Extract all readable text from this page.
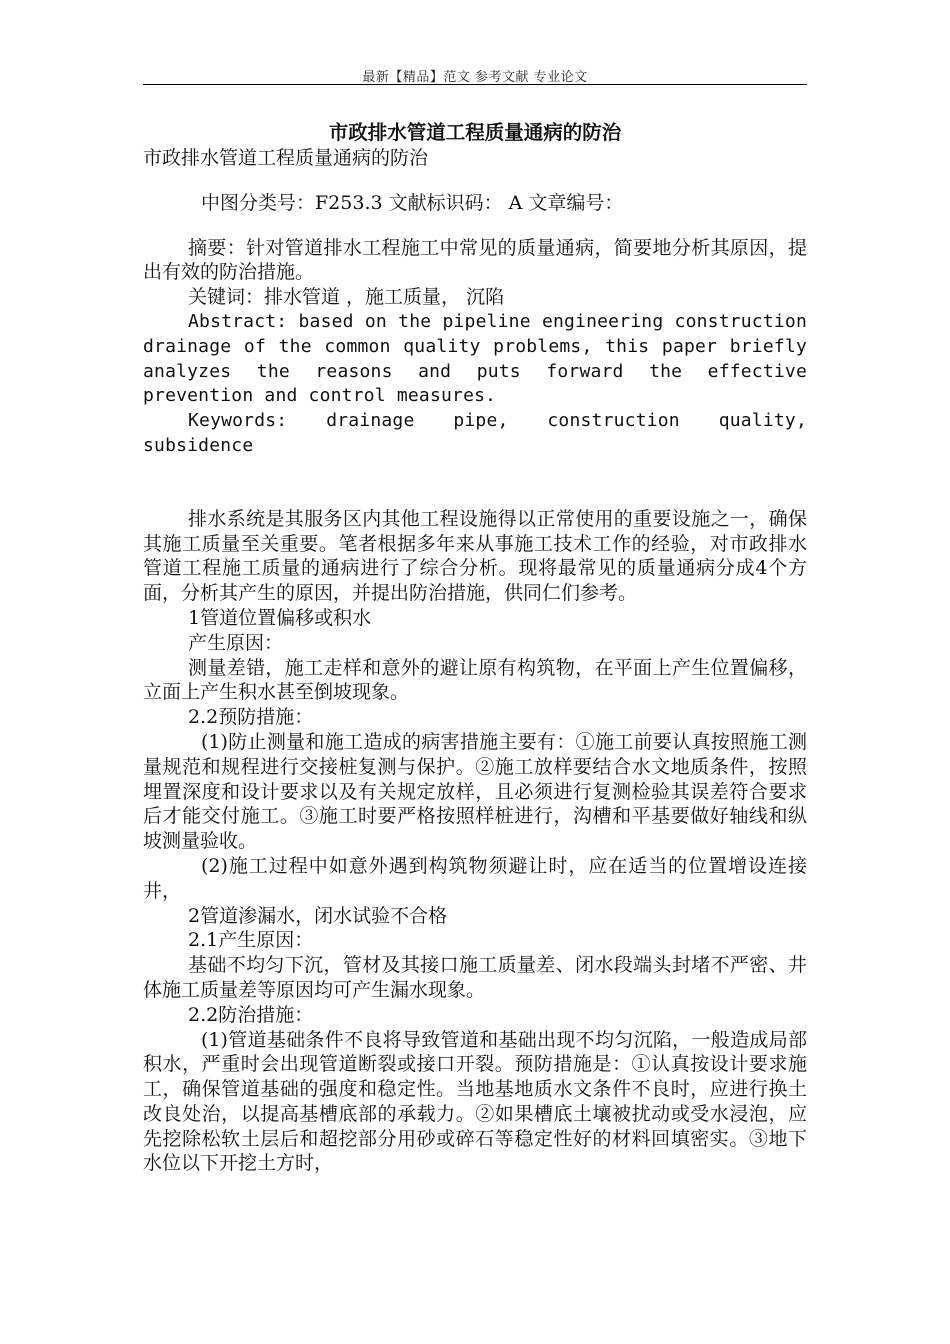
最新【精品】范文 参考文献 专业论文
市政排水管道工程质量通病的防治

市政排水管道工程质量通病的防治

中图分类号：F253.3 文献标识码： A 文章编号：

摘要：针对管道排水工程施工中常见的质量通病，简要地分析其原因，提出有效的防治措施。

关键词：排水管道 ，施工质量， 沉陷

Abstract: based on the pipeline engineering construction drainage of the common quality problems, this paper briefly analyzes the reasons and puts forward the effective prevention and control measures.

Keywords: drainage pipe, construction quality, subsidence

排水系统是其服务区内其他工程设施得以正常使用的重要设施之一，确保其施工质量至关重要。笔者根据多年来从事施工技术工作的经验，对市政排水管道工程施工质量的通病进行了综合分析。现将最常见的质量通病分成4个方面，分析其产生的原因，并提出防治措施，供同仁们参考。

1管道位置偏移或积水

产生原因：

测量差错，施工走样和意外的避让原有构筑物，在平面上产生位置偏移，立面上产生积水甚至倒坡现象。

2.2预防措施：

(1)防止测量和施工造成的病害措施主要有：①施工前要认真按照施工测量规范和规程进行交接桩复测与保护。②施工放样要结合水文地质条件，按照埋置深度和设计要求以及有关规定放样，且必须进行复测检验其误差符合要求后才能交付施工。③施工时要严格按照样桩进行，沟槽和平基要做好轴线和纵坡测量验收。

(2)施工过程中如意外遇到构筑物须避让时，应在适当的位置增设连接井，

2管道渗漏水，闭水试验不合格

2.1产生原因：

基础不均匀下沉，管材及其接口施工质量差、闭水段端头封堵不严密、井体施工质量差等原因均可产生漏水现象。

2.2防治措施：

(1)管道基础条件不良将导致管道和基础出现不均匀沉陷，一般造成局部积水，严重时会出现管道断裂或接口开裂。预防措施是：①认真按设计要求施工，确保管道基础的强度和稳定性。当地基地质水文条件不良时，应进行换土改良处治，以提高基槽底部的承载力。②如果槽底土壤被扰动或受水浸泡，应先挖除松软土层后和超挖部分用砂或碎石等稳定性好的材料回填密实。③地下水位以下开挖土方时，
